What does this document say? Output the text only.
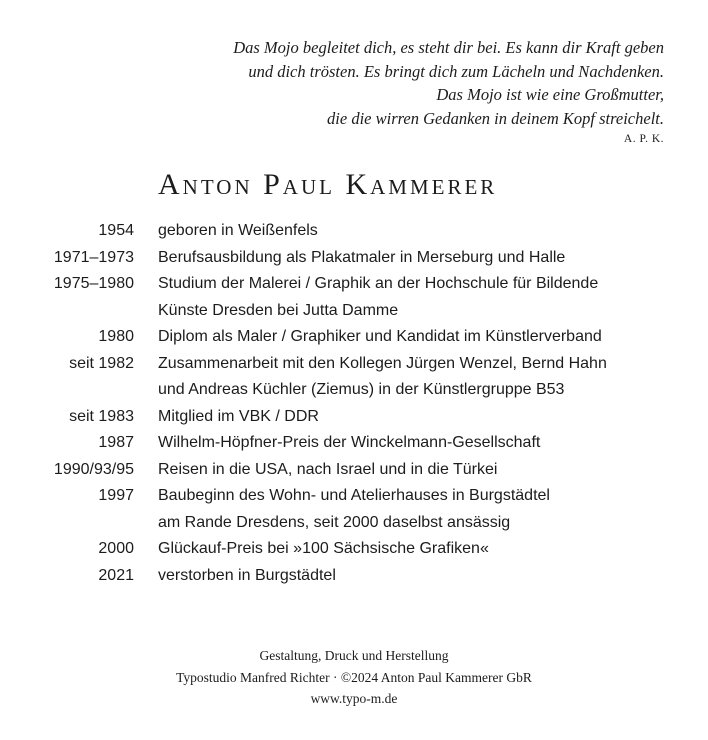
Das Mojo begleitet dich, es steht dir bei. Es kann dir Kraft geben
und dich trösten. Es bringt dich zum Lächeln und Nachdenken.
Das Mojo ist wie eine Großmutter,
die die wirren Gedanken in deinem Kopf streichelt.
A. P. K.
Anton Paul Kammerer
1954 geboren in Weißenfels
1971–1973 Berufsausbildung als Plakatmaler in Merseburg und Halle
1975–1980 Studium der Malerei / Graphik an der Hochschule für Bildende
Künste Dresden bei Jutta Damme
1980 Diplom als Maler / Graphiker und Kandidat im Künstlerverband
seit 1982 Zusammenarbeit mit den Kollegen Jürgen Wenzel, Bernd Hahn
und Andreas Küchler (Ziemus) in der Künstlergruppe B53
seit 1983 Mitglied im VBK / DDR
1987 Wilhelm-Höpfner-Preis der Winckelmann-Gesellschaft
1990/93/95 Reisen in die USA, nach Israel und in die Türkei
1997 Baubeginn des Wohn- und Atelierhauses in Burgstädtel
am Rande Dresdens, seit 2000 daselbst ansässig
2000 Glückauf-Preis bei »100 Sächsische Grafiken«
2021 verstorben in Burgstädtel
Gestaltung, Druck und Herstellung
Typostudio Manfred Richter · ©2024 Anton Paul Kammerer GbR
www.typo-m.de
